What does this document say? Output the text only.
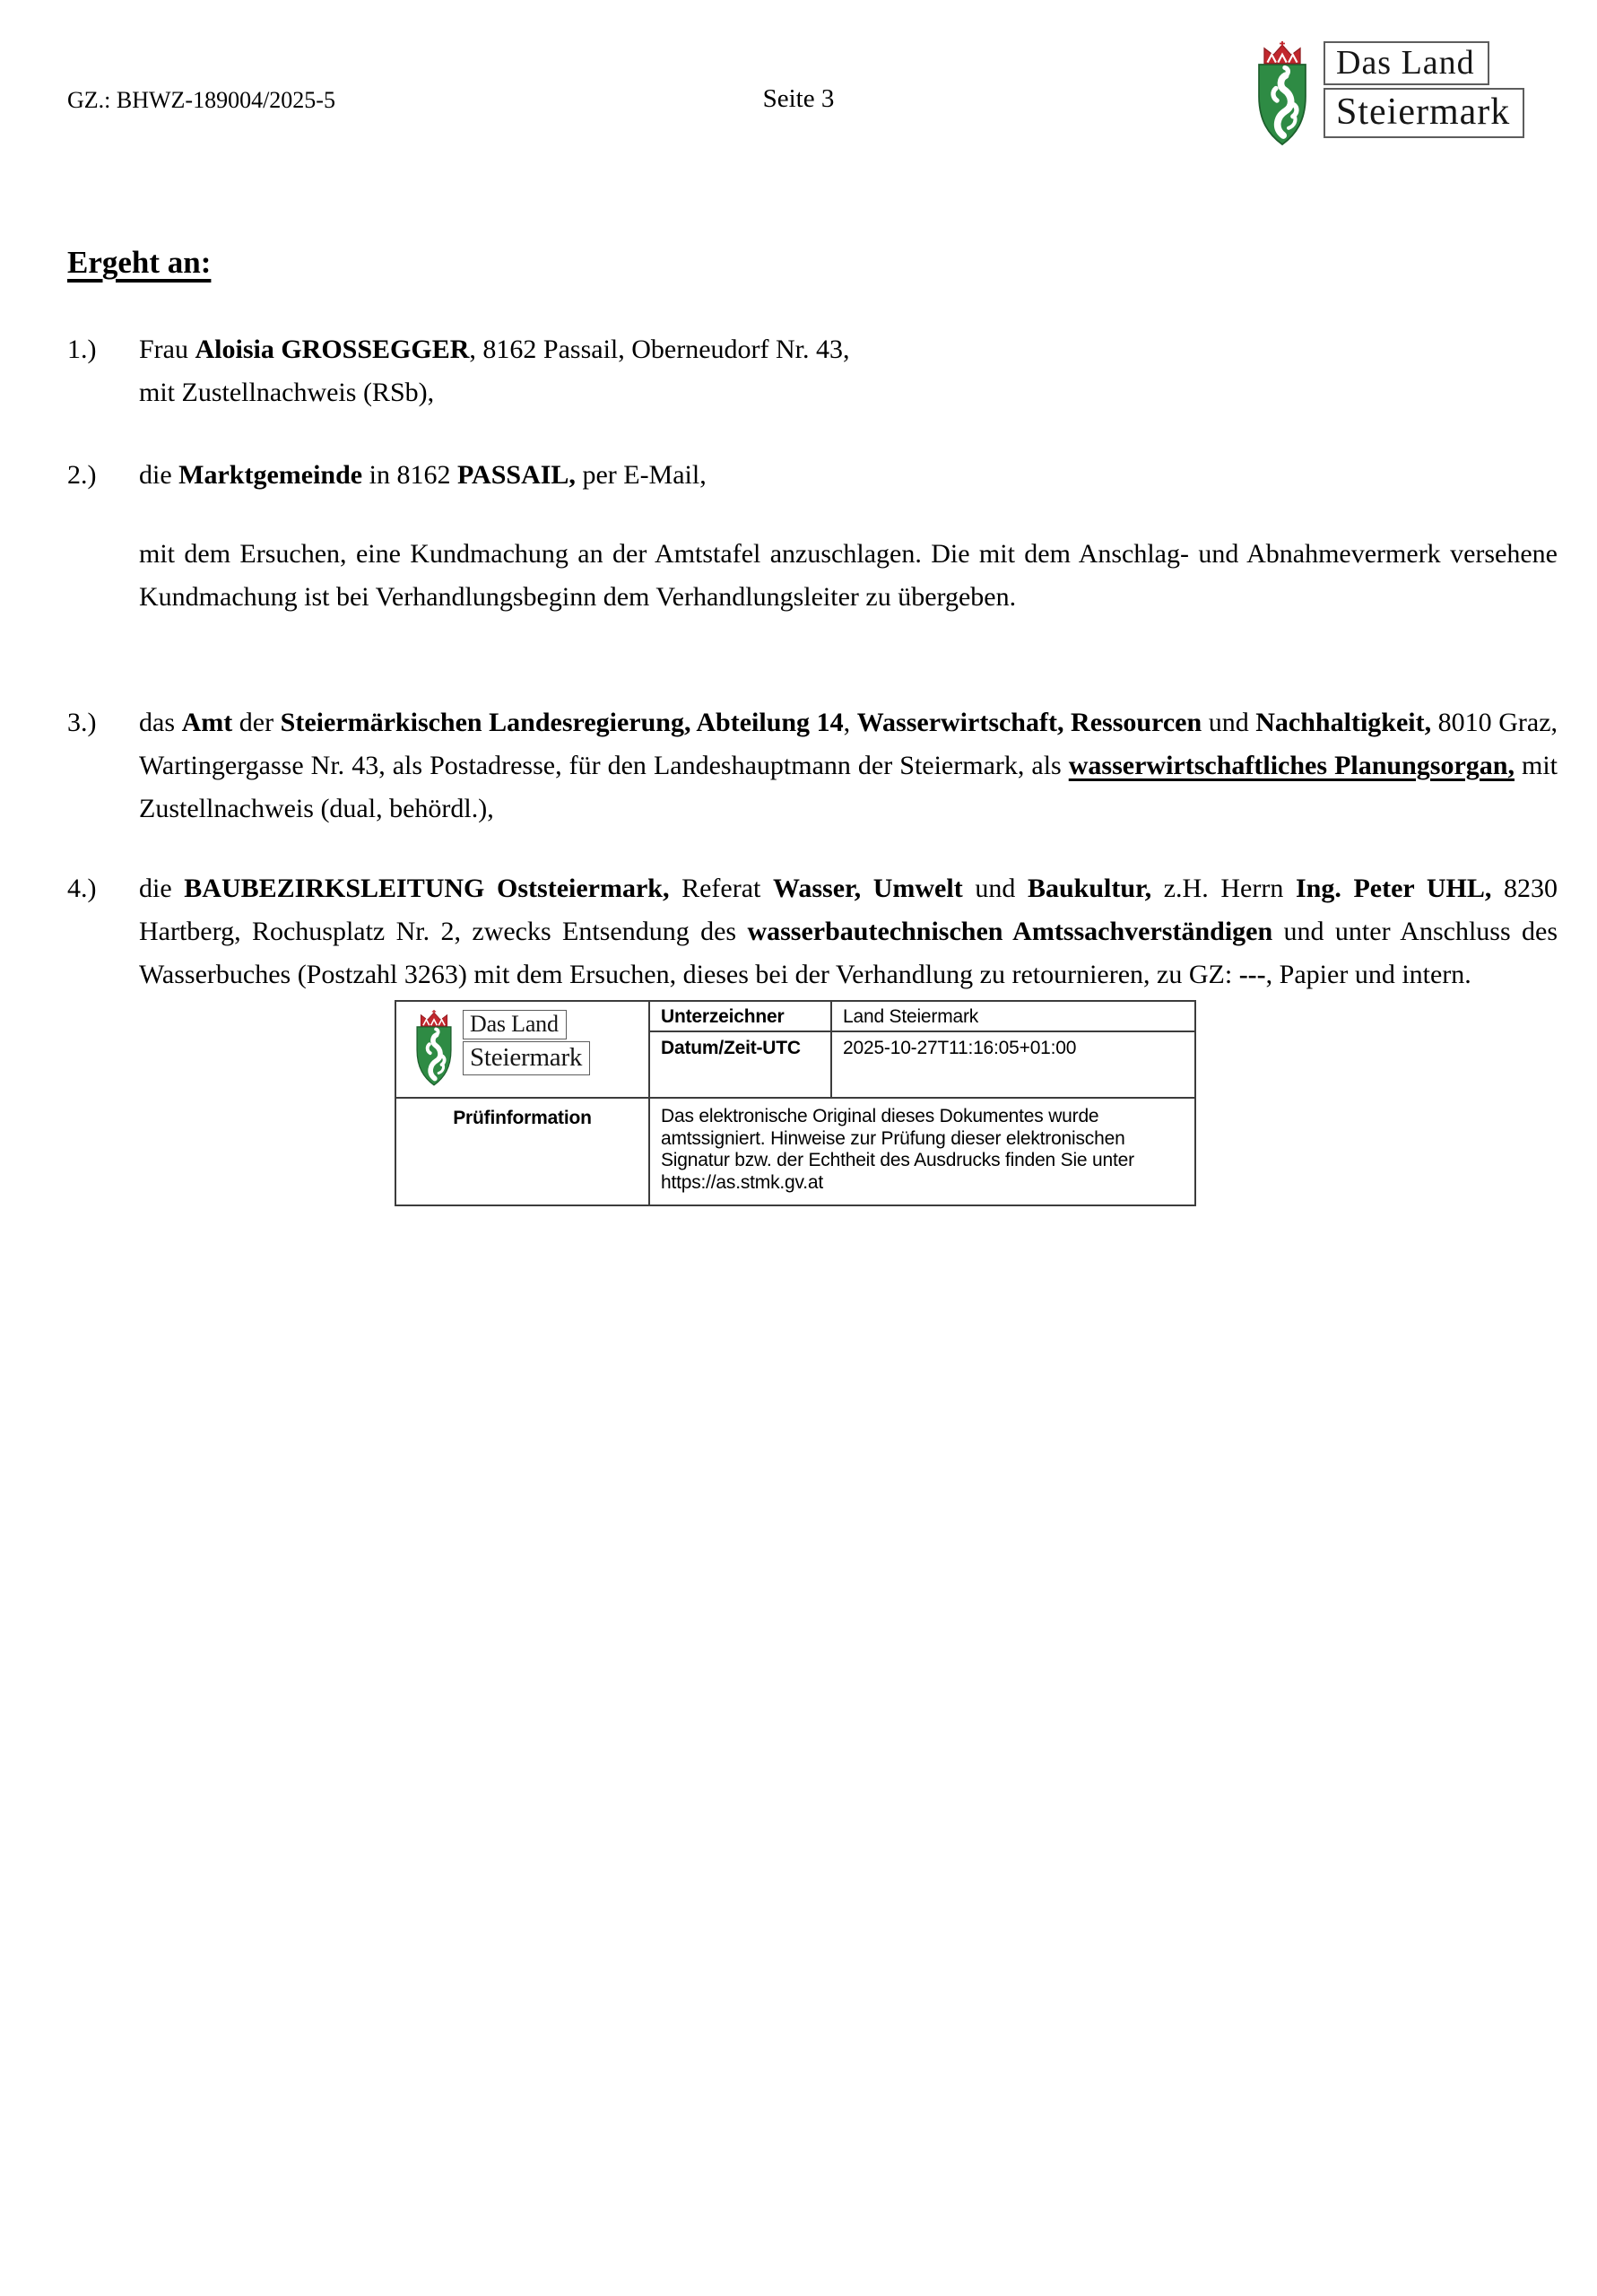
GZ.: BHWZ-189004/2025-5	Seite 3
Das Land
Steiermark
Ergeht an:
1.)	Frau Aloisia GROSSEGGER, 8162 Passail, Oberneudorf Nr. 43,
mit Zustellnachweis (RSb),
2.)	die Marktgemeinde in 8162 PASSAIL, per E-Mail,
mit dem Ersuchen, eine Kundmachung an der Amtstafel anzuschlagen. Die mit dem Anschlag- und Abnahmevermerk versehene Kundmachung ist bei Verhandlungsbeginn dem Verhandlungsleiter zu übergeben.
3.)	das Amt der Steiermärkischen Landesregierung, Abteilung 14, Wasserwirtschaft, Ressourcen und Nachhaltigkeit, 8010 Graz, Wartingergasse Nr. 43, als Postadresse, für den Landeshauptmann der Steiermark, als wasserwirtschaftliches Planungsorgan, mit Zustellnachweis (dual, behördl.),
4.)	die BAUBEZIRKSLEITUNG Oststeiermark, Referat Wasser, Umwelt und Baukultur, z.H. Herrn Ing. Peter UHL, 8230 Hartberg, Rochusplatz Nr. 2, zwecks Entsendung des wasserbautechnischen Amtssachverständigen und unter Anschluss des Wasserbuches (Postzahl 3263) mit dem Ersuchen, dieses bei der Verhandlung zu retournieren, zu GZ: ---, Papier und intern.
Das Land
Steiermark
Unterzeichner	Land Steiermark
Datum/Zeit-UTC	2025-10-27T11:16:05+01:00
Prüfinformation	Das elektronische Original dieses Dokumentes wurde amtssigniert. Hinweise zur Prüfung dieser elektronischen Signatur bzw. der Echtheit des Ausdrucks finden Sie unter https://as.stmk.gv.at
